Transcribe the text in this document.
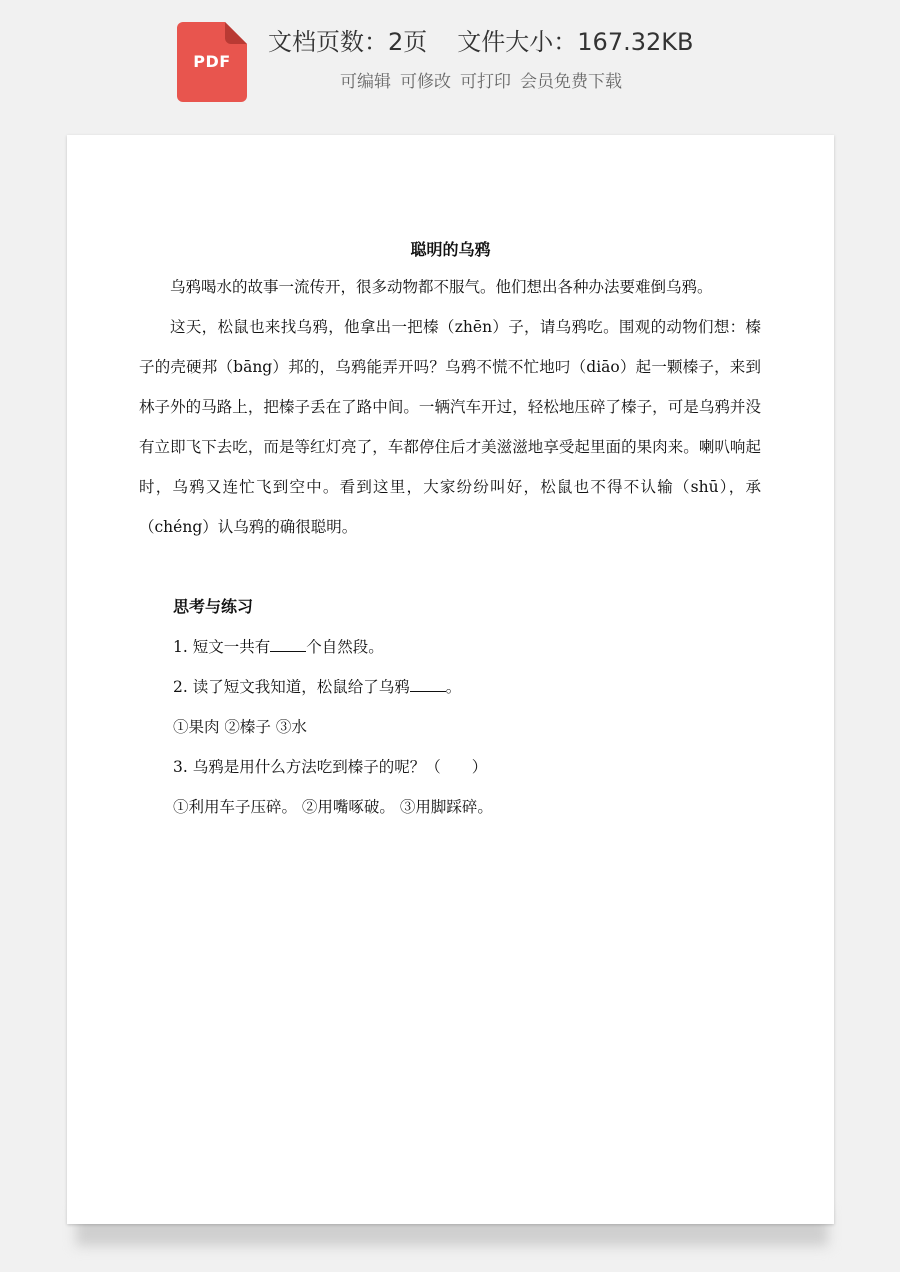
PDF
文档页数：2页 文件大小：167.32KB
可编辑 可修改 可打印 会员免费下载
聪明的乌鸦

乌鸦喝水的故事一流传开，很多动物都不服气。他们想出各种办法要难倒乌鸦。

这天，松鼠也来找乌鸦，他拿出一把榛（zhēn）子，请乌鸦吃。围观的动物们想：榛子的壳硬邦（bāng）邦的，乌鸦能弄开吗？乌鸦不慌不忙地叼（diāo）起一颗榛子，来到林子外的马路上，把榛子丢在了路中间。一辆汽车开过，轻松地压碎了榛子，可是乌鸦并没有立即飞下去吃，而是等红灯亮了，车都停住后才美滋滋地享受起里面的果肉来。喇叭响起时，乌鸦又连忙飞到空中。看到这里，大家纷纷叫好，松鼠也不得不认输（shū），承（chéng）认乌鸦的确很聪明。

思考与练习
1. 短文一共有 个自然段。
2. 读了短文我知道，松鼠给了乌鸦 。
①果肉 ②榛子 ③水
3. 乌鸦是用什么方法吃到榛子的呢？（　　）
①利用车子压碎。 ②用嘴啄破。 ③用脚踩碎。
